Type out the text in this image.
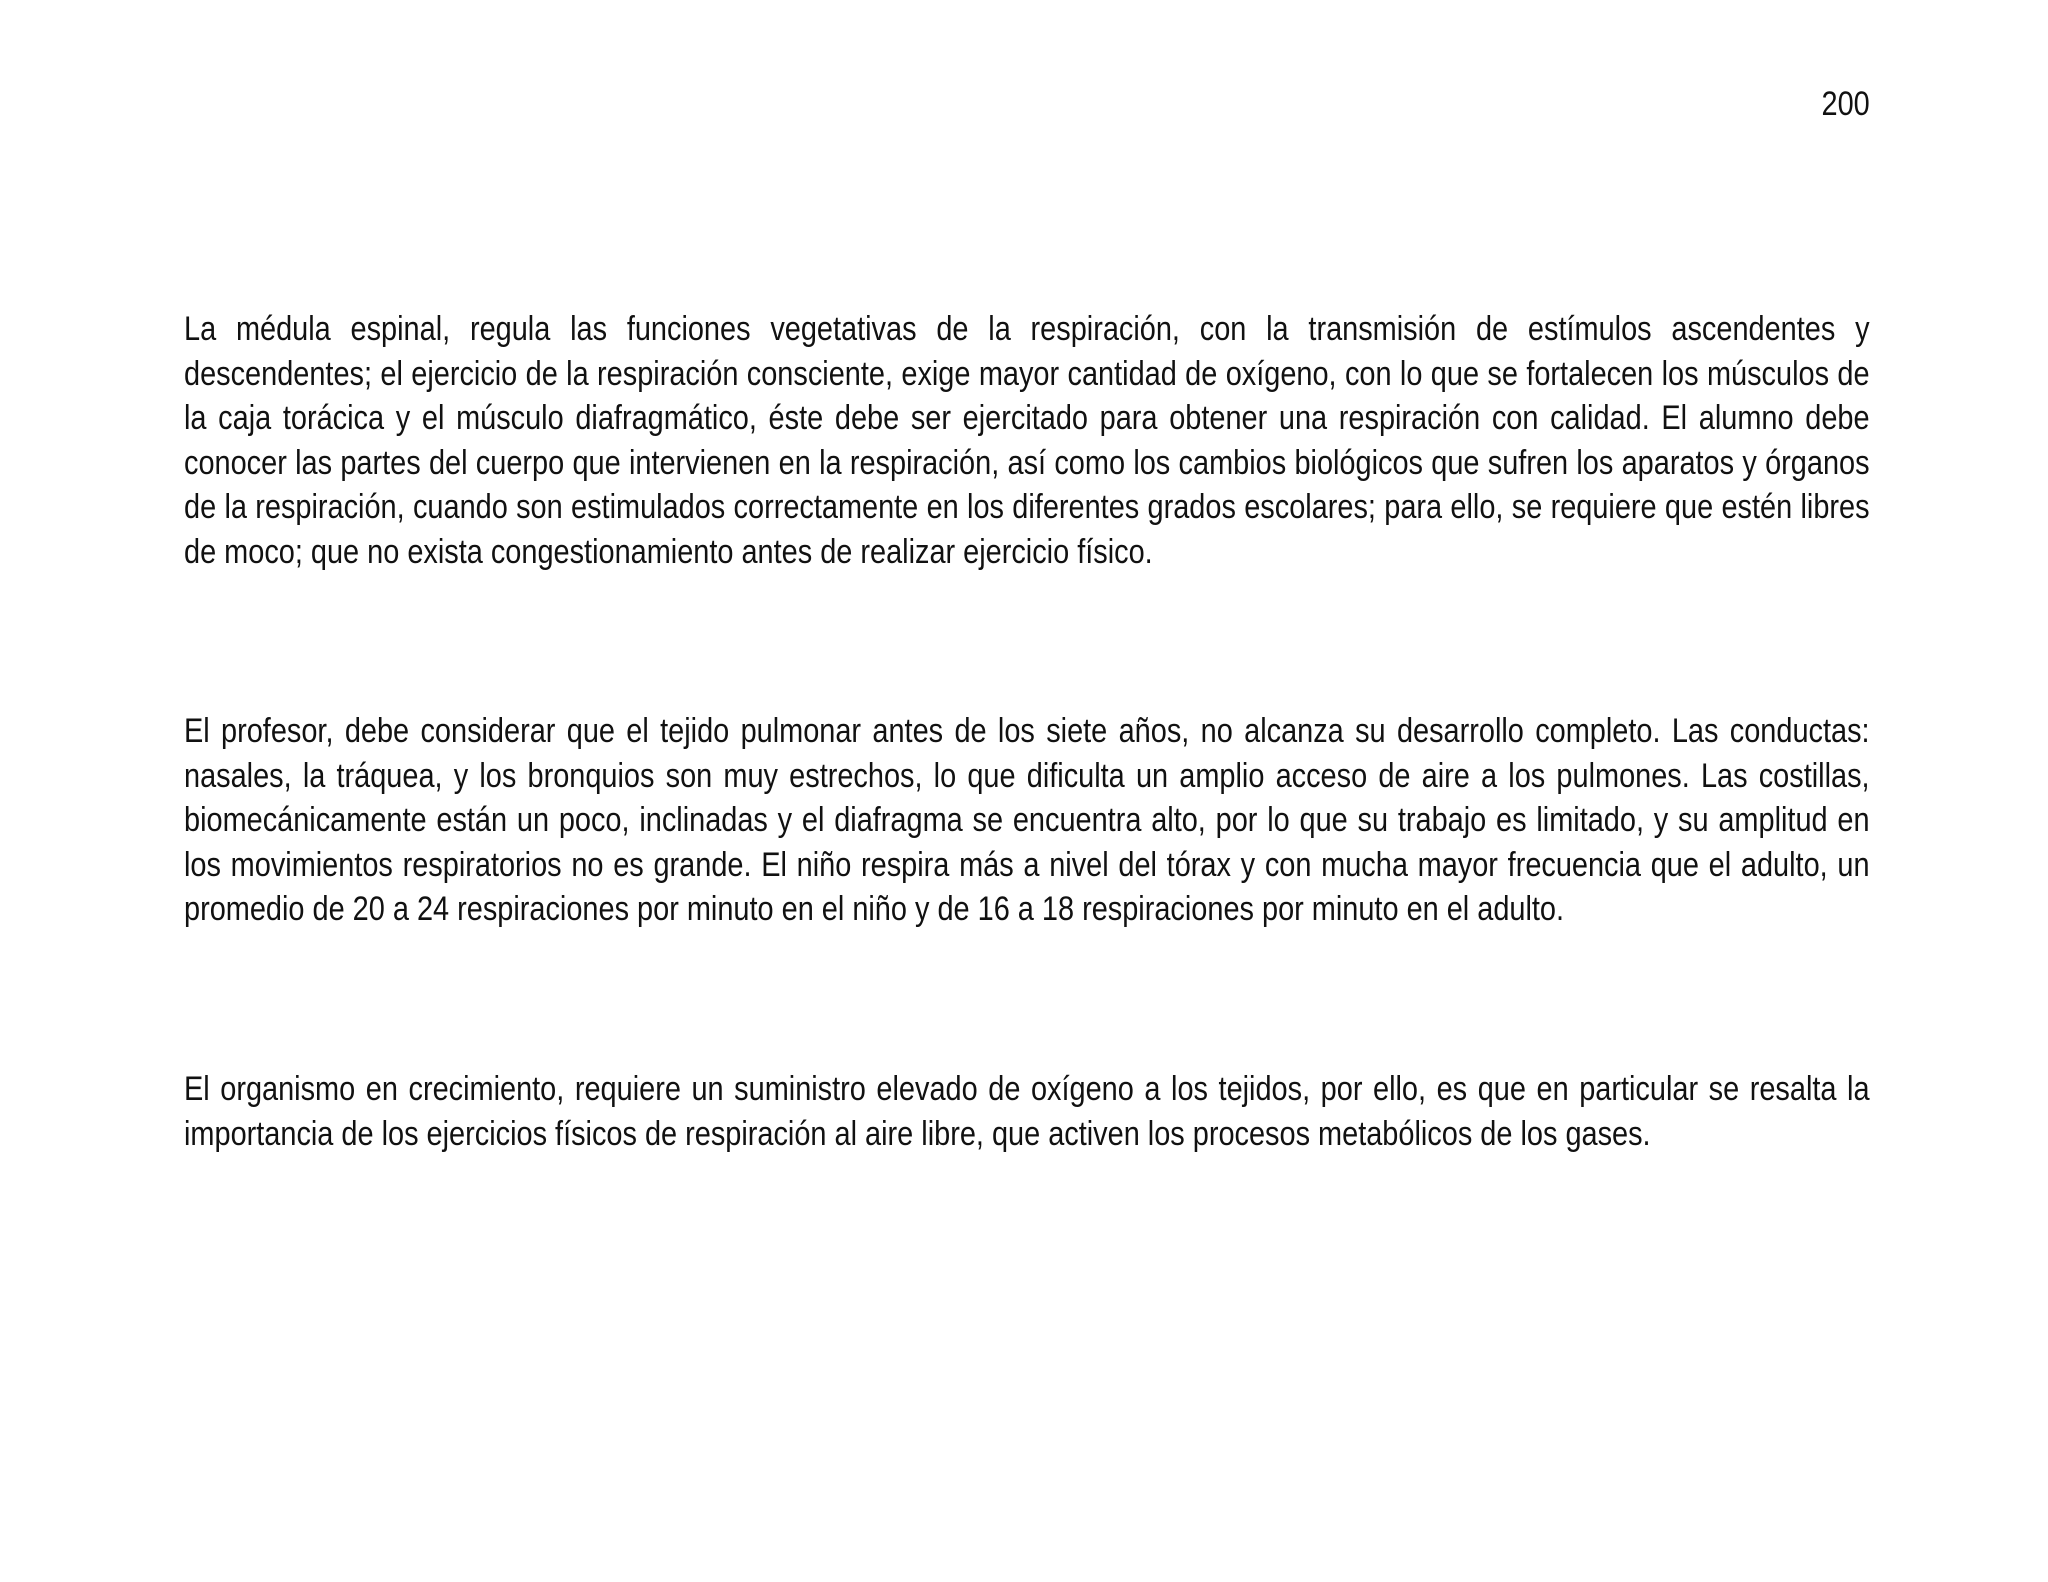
200

La médula espinal, regula las funciones vegetativas de la respiración, con la transmisión de estímulos ascendentes y descendentes; el ejercicio de la respiración consciente, exige mayor cantidad de oxígeno, con lo que se fortalecen los músculos de la caja torácica y el músculo diafragmático, éste debe ser ejercitado para obtener una respiración con calidad. El alumno debe conocer las partes del cuerpo que intervienen en la respiración, así como los cambios biológicos que sufren los aparatos y órganos de la respiración, cuando son estimulados correctamente en los diferentes grados escolares; para ello, se requiere que estén libres de moco; que no exista congestionamiento antes de realizar ejercicio físico.

El profesor, debe considerar que el tejido pulmonar antes de los siete años, no alcanza su desarrollo completo. Las conductas: nasales, la tráquea, y los bronquios son muy estrechos, lo que dificulta un amplio acceso de aire a los pulmones. Las costillas, biomecánicamente están un poco, inclinadas y el diafragma se encuentra alto, por lo que su trabajo es limitado, y su amplitud en los movimientos respiratorios no es grande. El niño respira más a nivel del tórax y con mucha mayor frecuencia que el adulto, un promedio de 20 a 24 respiraciones por minuto en el niño y de 16 a 18 respiraciones por minuto en el adulto.

El organismo en crecimiento, requiere un suministro elevado de oxígeno a los tejidos, por ello, es que en particular se resalta la importancia de los ejercicios físicos de respiración al aire libre, que activen los procesos metabólicos de los gases.
